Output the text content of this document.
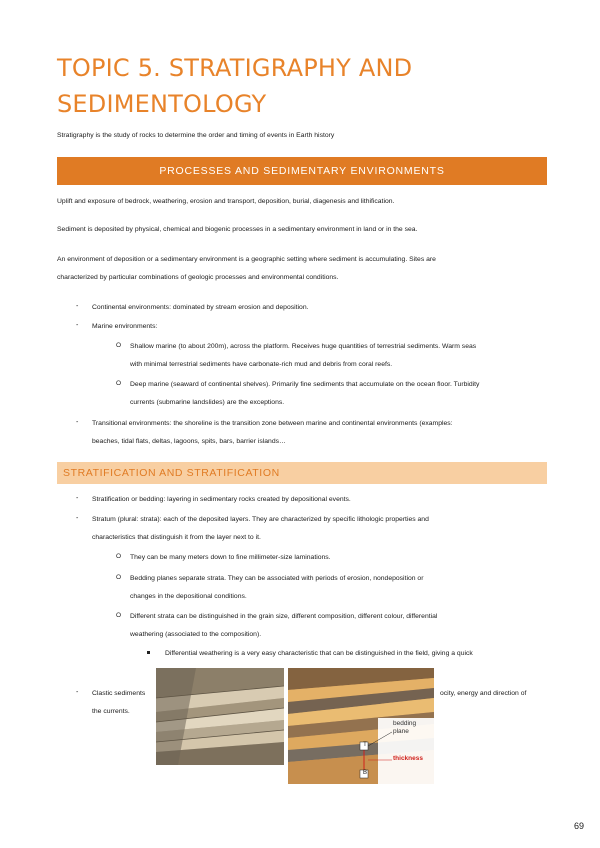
TOPIC 5. STRATIGRAPHY AND SEDIMENTOLOGY

Stratigraphy is the study of rocks to determine the order and timing of events in Earth history

PROCESSES AND SEDIMENTARY ENVIRONMENTS

Uplift and exposure of bedrock, weathering, erosion and transport, deposition, burial, diagenesis and lithification.

Sediment is deposited by physical, chemical and biogenic processes in a sedimentary environment in land or in the sea.

An environment of deposition or a sedimentary environment is a geographic setting where sediment is accumulating. Sites are

characterized by particular combinations of geologic processes and environmental conditions.

- Continental environments: dominated by stream erosion and deposition.

- Marine environments:

O Shallow marine (to about 200m), across the platform. Receives huge quantities of terrestrial sediments. Warm seas

with minimal terrestrial sediments have carbonate-rich mud and debris from coral reefs.

O Deep marine (seaward of continental shelves). Primarily fine sediments that accumulate on the ocean floor. Turbidity

currents (submarine landslides) are the exceptions.

- Transitional environments: the shoreline is the transition zone between marine and continental environments (examples:

beaches, tidal flats, deltas, lagoons, spits, bars, barrier islands…

STRATIFICATION AND STRATIFICATION
- Stratification or bedding: layering in sedimentary rocks created by depositional events.

- Stratum (plural: strata): each of the deposited layers. They are characterized by specific lithologic properties and

characteristics that distinguish it from the layer next to it.

O They can be many meters down to fine millimeter-size laminations.

O Bedding planes separate strata. They can be associated with periods of erosion, nondeposition or

changes in the depositional conditions.

O Different strata can be distinguished in the grain size, different composition, different colour, differential

weathering (associated to the composition).

Differential weathering is a very easy characteristic that can be distinguished in the field, giving a quick

- Clastic sediments	ocity, energy and direction of

the currents.

bedding
plane
thickness
T
B
69
